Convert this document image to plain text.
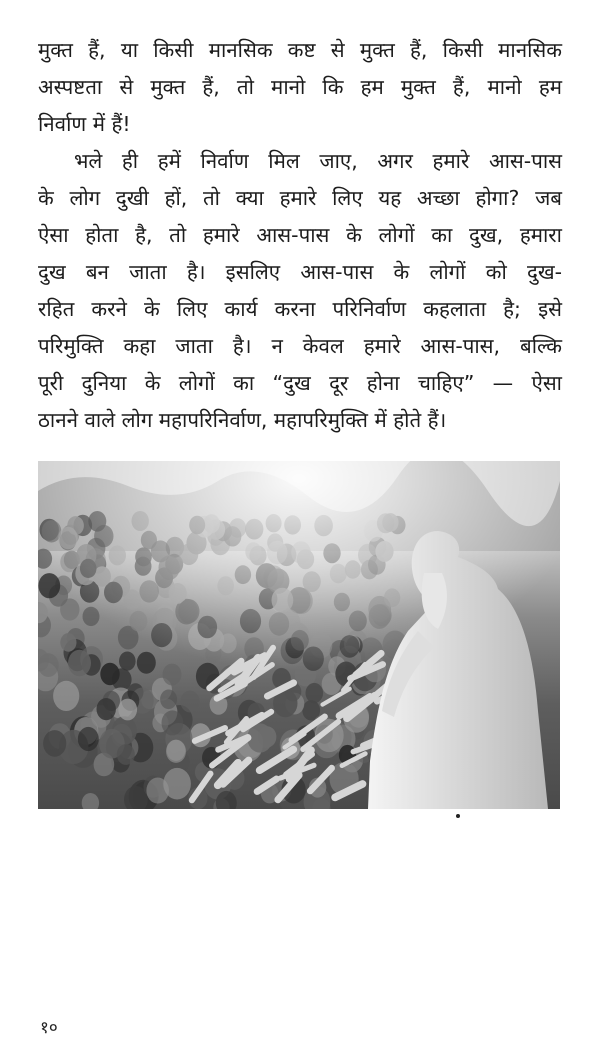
मुक्त हैं, या किसी मानसिक कष्ट से मुक्त हैं, किसी मानसिक
अस्पष्टता से मुक्त हैं, तो मानो कि हम मुक्त हैं, मानो हम
निर्वाण में हैं!
भले ही हमें निर्वाण मिल जाए, अगर हमारे आस-पास
के लोग दुखी हों, तो क्या हमारे लिए यह अच्छा होगा? जब
ऐसा होता है, तो हमारे आस-पास के लोगों का दुख, हमारा
दुख बन जाता है। इसलिए आस-पास के लोगों को दुख-
रहित करने के लिए कार्य करना परिनिर्वाण कहलाता है; इसे
परिमुक्ति कहा जाता है। न केवल हमारे आस-पास, बल्कि
पूरी दुनिया के लोगों का “दुख दूर होना चाहिए” — ऐसा
ठानने वाले लोग महापरिनिर्वाण, महापरिमुक्ति में होते हैं।
१०
